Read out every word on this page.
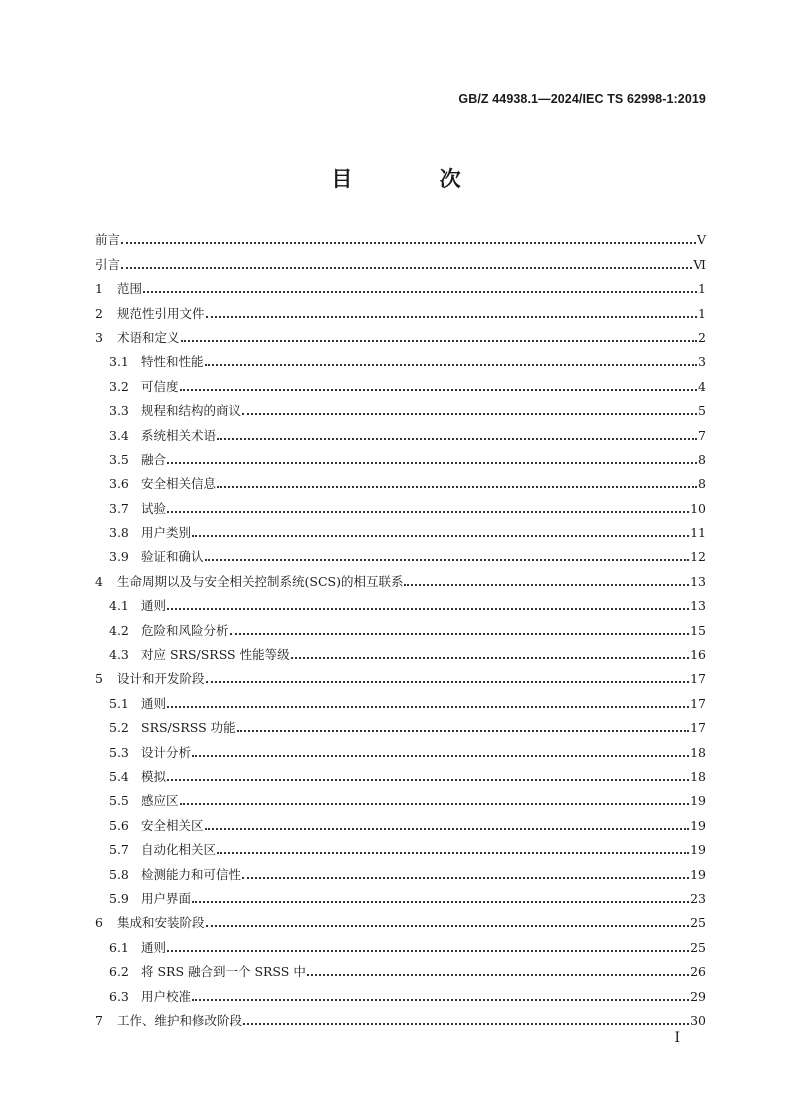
GB/Z 44938.1—2024/IEC TS 62998-1:2019
目 次
前言	Ⅴ
引言	Ⅵ
1	范围	1
2	规范性引用文件	1
3	术语和定义	2
3.1 特性和性能	3
3.2 可信度	4
3.3 规程和结构的商议	5
3.4 系统相关术语	7
3.5 融合	8
3.6 安全相关信息	8
3.7 试验	10
3.8 用户类别	11
3.9 验证和确认	12
4	生命周期以及与安全相关控制系统(SCS)的相互联系	13
4.1 通则	13
4.2 危险和风险分析	15
4.3 对应 SRS/SRSS 性能等级	16
5	设计和开发阶段	17
5.1 通则	17
5.2 SRS/SRSS 功能	17
5.3 设计分析	18
5.4 模拟	18
5.5 感应区	19
5.6 安全相关区	19
5.7 自动化相关区	19
5.8 检测能力和可信性	19
5.9 用户界面	23
6	集成和安装阶段	25
6.1 通则	25
6.2 将 SRS 融合到一个 SRSS 中	26
6.3 用户校准	29
7	工作、维护和修改阶段	30
Ⅰ
